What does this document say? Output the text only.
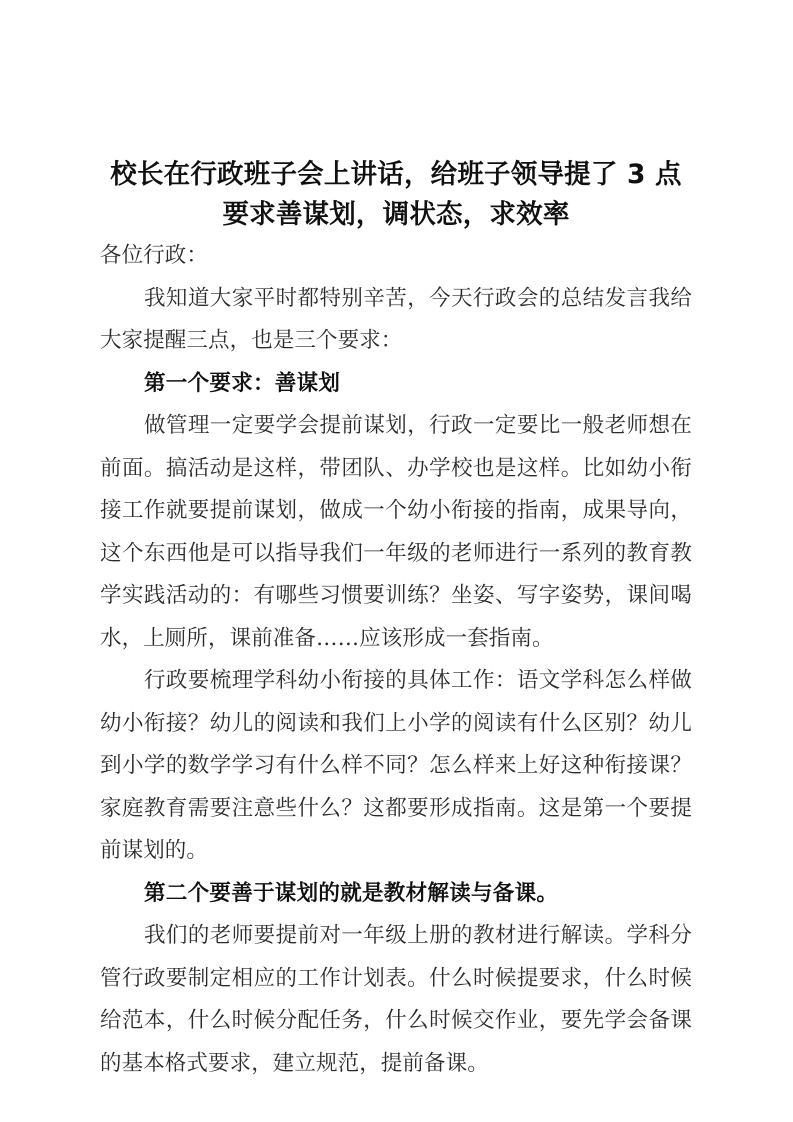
校长在行政班子会上讲话，给班子领导提了 3 点要求善谋划，调状态，求效率

各位行政：

我知道大家平时都特别辛苦，今天行政会的总结发言我给大家提醒三点，也是三个要求：

第一个要求：善谋划

做管理一定要学会提前谋划，行政一定要比一般老师想在前面。搞活动是这样，带团队、办学校也是这样。比如幼小衔接工作就要提前谋划，做成一个幼小衔接的指南，成果导向，这个东西他是可以指导我们一年级的老师进行一系列的教育教学实践活动的：有哪些习惯要训练？坐姿、写字姿势，课间喝水，上厕所，课前准备……应该形成一套指南。

行政要梳理学科幼小衔接的具体工作：语文学科怎么样做幼小衔接？幼儿的阅读和我们上小学的阅读有什么区别？幼儿到小学的数学学习有什么样不同？怎么样来上好这种衔接课？家庭教育需要注意些什么？这都要形成指南。这是第一个要提前谋划的。

第二个要善于谋划的就是教材解读与备课。

我们的老师要提前对一年级上册的教材进行解读。学科分管行政要制定相应的工作计划表。什么时候提要求，什么时候给范本，什么时候分配任务，什么时候交作业，要先学会备课的基本格式要求，建立规范，提前备课。
